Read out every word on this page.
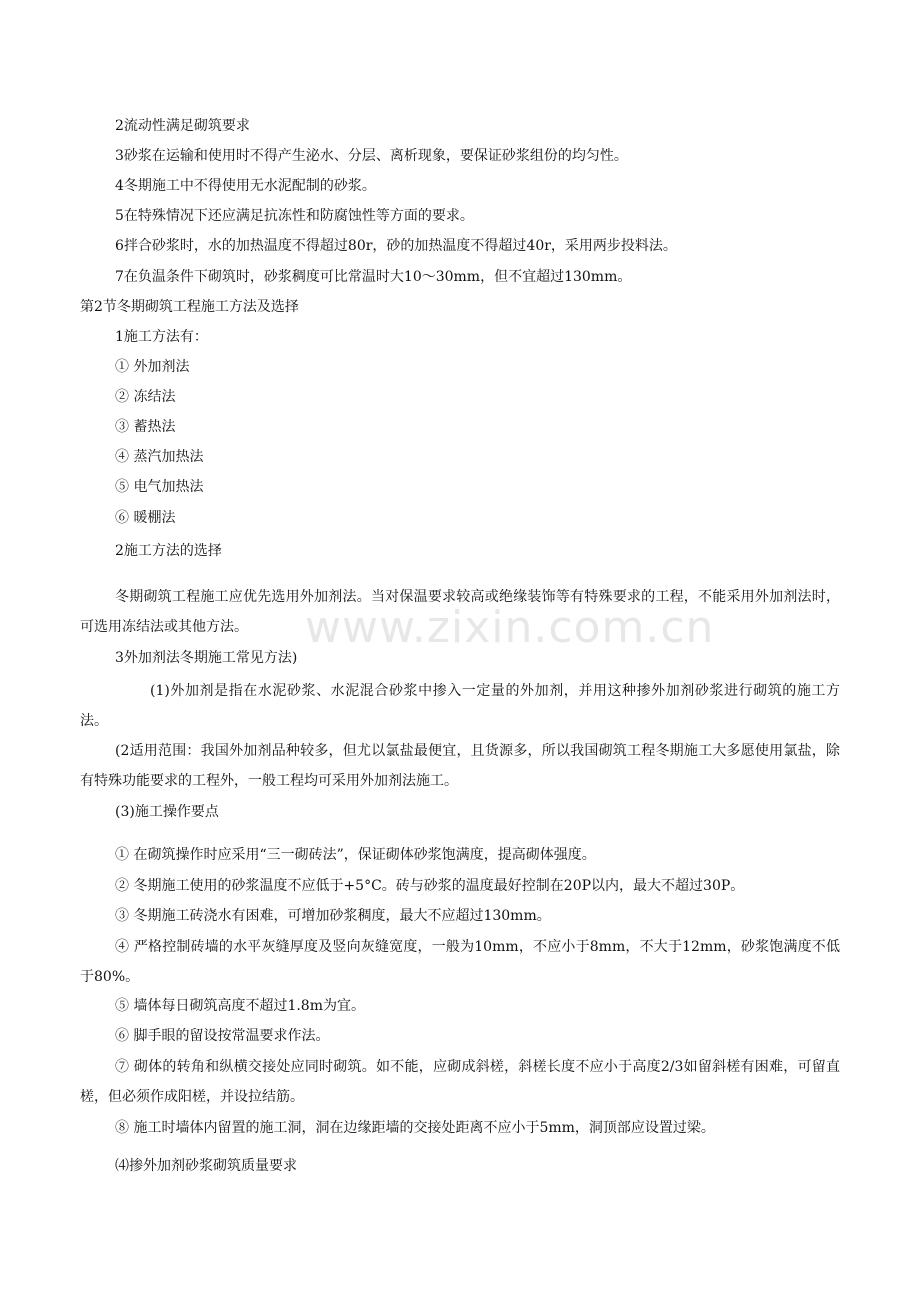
www.zixin.com.cn
2流动性满足砌筑要求
3砂浆在运输和使用时不得产生泌水、分层、离析现象，要保证砂浆组份的均匀性。
4冬期施工中不得使用无水泥配制的砂浆。
5在特殊情况下还应满足抗冻性和防腐蚀性等方面的要求。
6拌合砂浆时，水的加热温度不得超过80r，砂的加热温度不得超过40r，采用两步投料法。
7在负温条件下砌筑时，砂浆稠度可比常温时大10～30mm，但不宜超过130mm。
第2节冬期砌筑工程施工方法及选择
1施工方法有：
① 外加剂法
② 冻结法
③ 蓄热法
④ 蒸汽加热法
⑤ 电气加热法
⑥ 暖棚法
2施工方法的选择
冬期砌筑工程施工应优先选用外加剂法。当对保温要求较高或绝缘装饰等有特殊要求的工程，不能采用外加剂法时，可选用冻结法或其他方法。
3外加剂法冬期施工常见方法)
(1)外加剂是指在水泥砂浆、水泥混合砂浆中掺入一定量的外加剂，并用这种掺外加剂砂浆进行砌筑的施工方法。
(2适用范围：我国外加剂品种较多，但尤以氯盐最便宜，且货源多，所以我国砌筑工程冬期施工大多愿使用氯盐，除有特殊功能要求的工程外，一般工程均可采用外加剂法施工。
(3)施工操作要点
① 在砌筑操作时应采用“三一砌砖法”，保证砌体砂浆饱满度，提高砌体强度。
② 冬期施工使用的砂浆温度不应低于+5°C。砖与砂浆的温度最好控制在20P以内，最大不超过30P。
③ 冬期施工砖浇水有困难，可增加砂浆稠度，最大不应超过130mm。
④ 严格控制砖墙的水平灰缝厚度及竖向灰缝宽度，一般为10mm，不应小于8mm，不大于12mm，砂浆饱满度不低于80%。
⑤ 墙体每日砌筑高度不超过1.8m为宜。
⑥ 脚手眼的留设按常温要求作法。
⑦ 砌体的转角和纵横交接处应同时砌筑。如不能，应砌成斜槎，斜槎长度不应小于高度2/3如留斜槎有困难，可留直槎，但必须作成阳槎，并设拉结筋。
⑧ 施工时墙体内留置的施工洞，洞在边缘距墙的交接处距离不应小于5mm，洞顶部应设置过梁。
⑷掺外加剂砂浆砌筑质量要求
